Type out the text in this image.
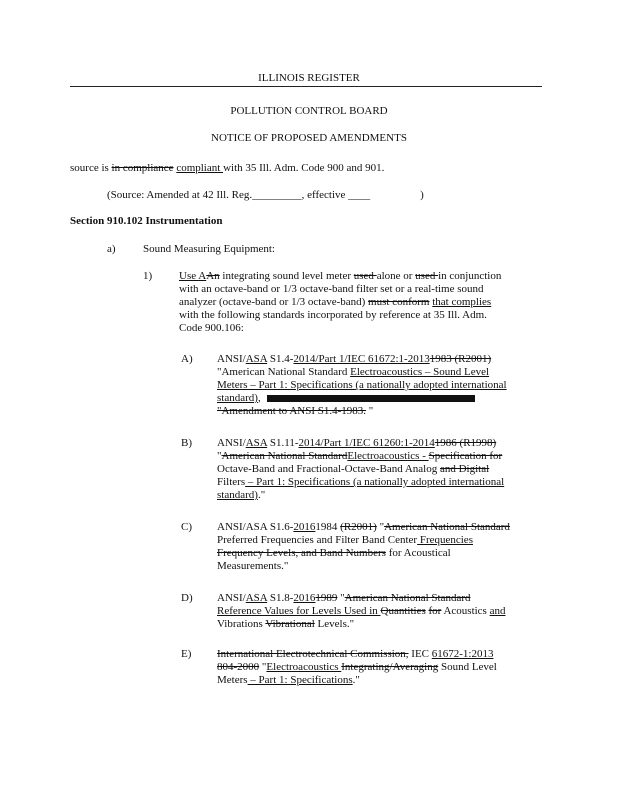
ILLINOIS REGISTER
POLLUTION CONTROL BOARD
NOTICE OF PROPOSED AMENDMENTS
source is in compliance compliant with 35 Ill. Adm. Code 900 and 901.
(Source: Amended at 42 Ill. Reg._________, effective ____	)
Section 910.102 Instrumentation
a) Sound Measuring Equipment:
1) Use AAn integrating sound level meter used alone or used in conjunction
with an octave-band or 1/3 octave-band filter set or a real-time sound
analyzer (octave-band or 1/3 octave-band) must conform that complies
with the following standards incorporated by reference at 35 Ill. Adm.
Code 900.106:
A) ANSI/ASA S1.4-2014/Part 1/IEC 61672:1-20131983 (R2001)
"American National Standard Electroacoustics – Sound Level
Meters – Part 1: Specifications (a nationally adopted international
standard),
"Amendment to ANSI S1.4-1983. "
B) ANSI/ASA S1.11-2014/Part 1/IEC 61260:1-20141986 (R1998)
"American National StandardElectroacoustics - Specification for
Octave-Band and Fractional-Octave-Band Analog and Digital
Filters – Part 1: Specifications (a nationally adopted international
standard)."
C) ANSI/ASA S1.6-20161984 (R2001) "American National Standard
Preferred Frequencies and Filter Band Center Frequencies
Frequency Levels, and Band Numbers for Acoustical
Measurements."
D) ANSI/ASA S1.8-20161989 "American National Standard
Reference Values for Levels Used in Quantities for Acoustics and
Vibrations Vibrational Levels."
E) International Electrotechnical Commission, IEC 61672-1:2013
804-2000 "Electroacoustics Integrating/Averaging Sound Level
Meters – Part 1: Specifications."
